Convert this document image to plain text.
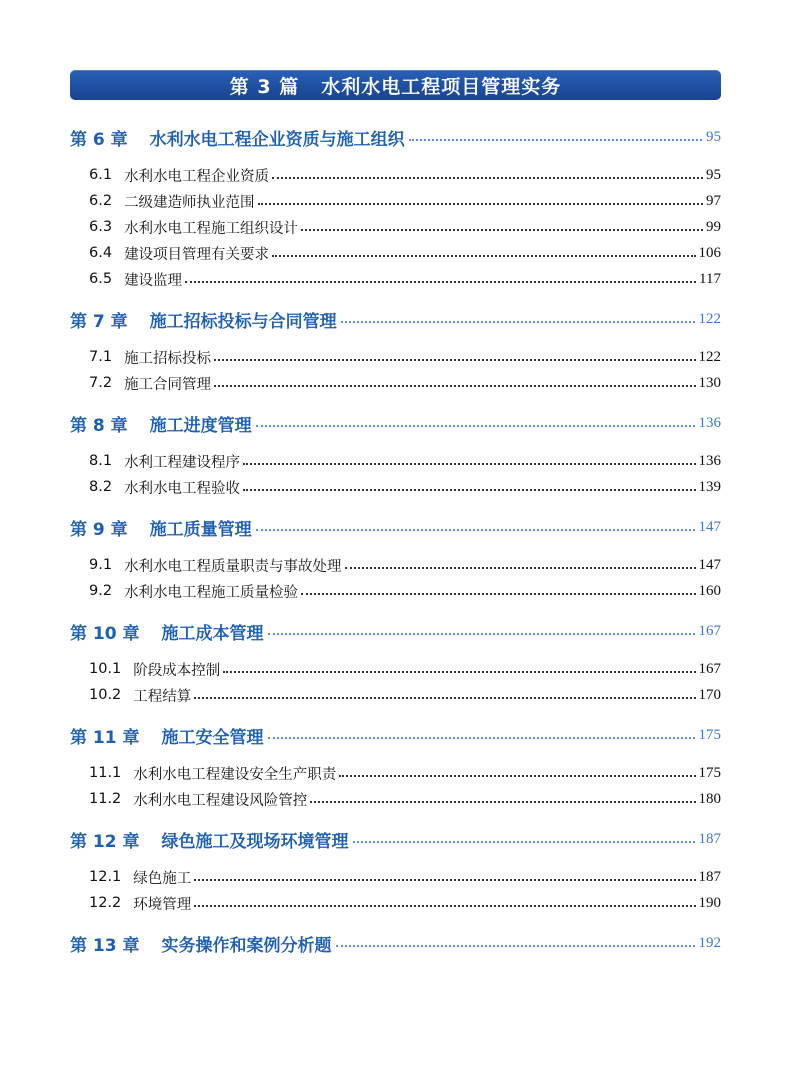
第 3 篇 水利水电工程项目管理实务
第 6 章 水利水电工程企业资质与施工组织	95
6.1 水利水电工程企业资质	95
6.2 二级建造师执业范围	97
6.3 水利水电工程施工组织设计	99
6.4 建设项目管理有关要求	106
6.5 建设监理	117
第 7 章 施工招标投标与合同管理	122
7.1 施工招标投标	122
7.2 施工合同管理	130
第 8 章 施工进度管理	136
8.1 水利工程建设程序	136
8.2 水利水电工程验收	139
第 9 章 施工质量管理	147
9.1 水利水电工程质量职责与事故处理	147
9.2 水利水电工程施工质量检验	160
第 10 章 施工成本管理	167
10.1 阶段成本控制	167
10.2 工程结算	170
第 11 章 施工安全管理	175
11.1 水利水电工程建设安全生产职责	175
11.2 水利水电工程建设风险管控	180
第 12 章 绿色施工及现场环境管理	187
12.1 绿色施工	187
12.2 环境管理	190
第 13 章 实务操作和案例分析题	192
